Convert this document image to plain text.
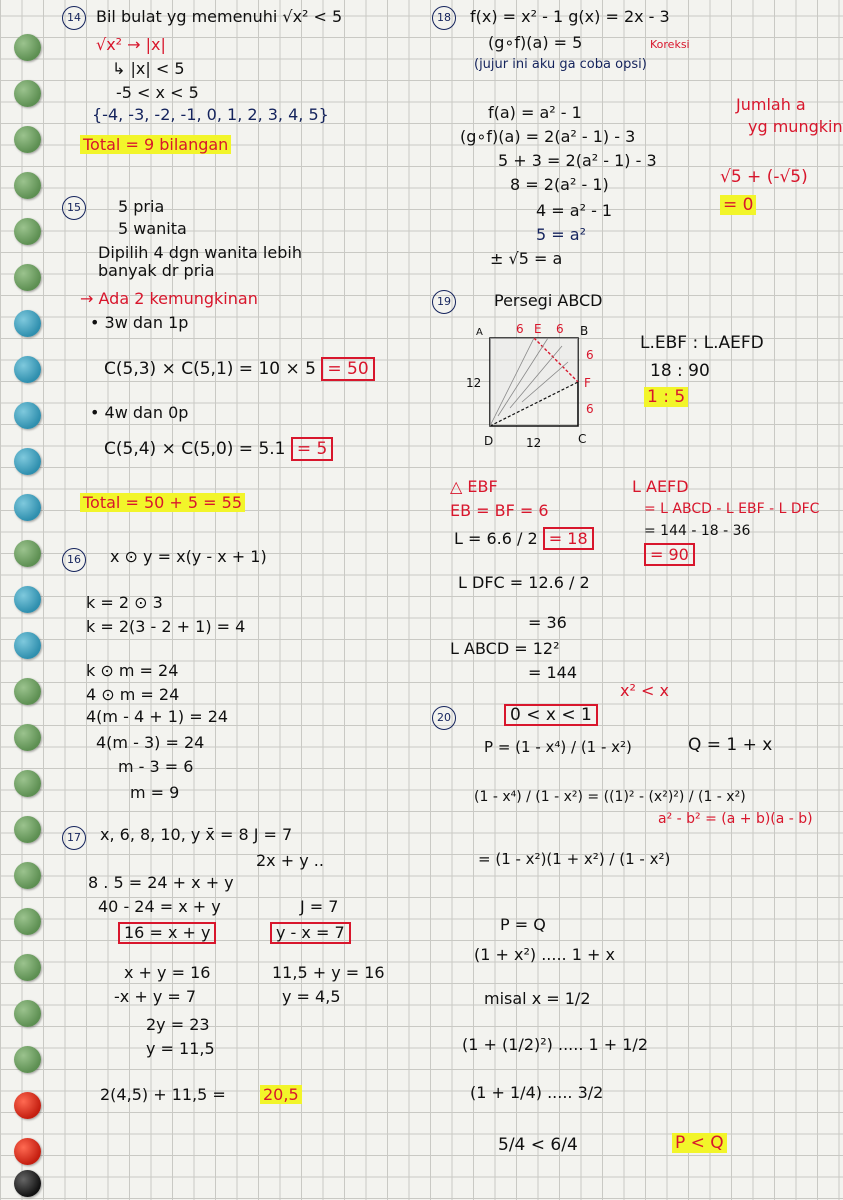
14 Bil bulat yg memenuhi √x² < 5
√x² → |x|
↳ |x| < 5
-5 < x < 5
{-4, -3, -2, -1, 0, 1, 2, 3, 4, 5}
Total = 9 bilangan
15	5 pria
5 wanita
Dipilih 4 dgn wanita lebih
banyak dr pria
→ Ada 2 kemungkinan
• 3w dan 1p
C(5,3) × C(5,1) = 10 × 5 = 50
• 4w dan 0p
C(5,4) × C(5,0) = 5.1 = 5
Total = 50 + 5 = 55
16	x ⊙ y = x(y - x + 1)
k = 2 ⊙ 3
k = 2(3 - 2 + 1) = 4
k ⊙ m = 24
4 ⊙ m = 24
4(m - 4 + 1) = 24
4(m - 3) = 24
m - 3 = 6
m = 9
17	x, 6, 8, 10, y x̄ = 8 J = 7
2x + y ..
8 . 5 = 24 + x + y
40 - 24 = x + y
16 = x + y
J = 7
y - x = 7
x + y = 16
-x + y = 7
2y = 23
y = 11,5
11,5 + y = 16
y = 4,5
2(4,5) + 11,5 = 20,5
18	f(x) = x² - 1 g(x) = 2x - 3
(g∘f)(a) = 5	Koreksi
(jujur ini aku ga coba opsi)
f(a) = a² - 1
(g∘f)(a) = 2(a² - 1) - 3
5 + 3 = 2(a² - 1) - 3
8 = 2(a² - 1)
4 = a² - 1
5 = a²
± √5 = a
Jumlah a
yg mungkin
√5 + (-√5)
= 0
19	Persegi ABCD
A	B
C
D
E
F
6	6
6
6
12
12
L.EBF : L.AEFD
18 : 90
1 : 5
△ EBF
EB = BF = 6
L = 6.6 / 2 = 18
L DFC = 12.6 / 2
= 36
L ABCD = 12²
= 144
L AEFD
= L ABCD - L EBF - L DFC
= 144 - 18 - 36
= 90
20	0 < x < 1
x² < x
P = (1 - x⁴) / (1 - x²)	Q = 1 + x
(1 - x⁴) / (1 - x²) = ((1)² - (x²)²) / (1 - x²)
a² - b² = (a + b)(a - b)
= (1 - x²)(1 + x²) / (1 - x²)
P = Q
(1 + x²) ..... 1 + x
misal x = 1/2
(1 + (1/2)²) ..... 1 + 1/2
(1 + 1/4) ..... 3/2
5/4 < 6/4	P < Q
